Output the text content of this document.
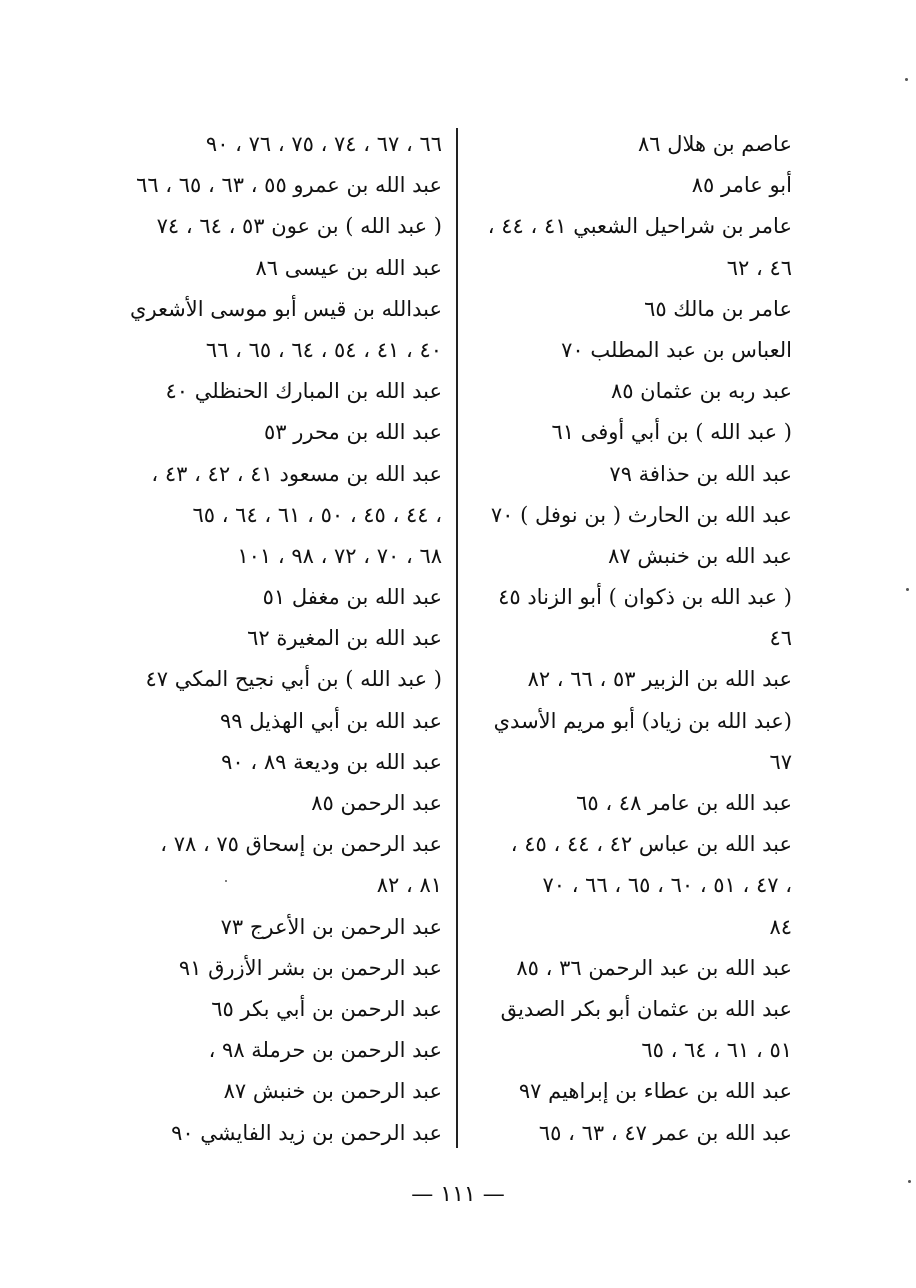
عاصم بن هلال ٨٦
أبو عامر ٨٥
عامر بن شراحيل الشعبي ٤١ ، ٤٤ ،
٤٦ ، ٦٢
عامر بن مالك ٦٥
العباس بن عبد المطلب ٧٠
عبد ربه بن عثمان ٨٥
( عبد الله ) بن أبي أوفى ٦١
عبد الله بن حذافة ٧٩
عبد الله بن الحارث ( بن نوفل ) ٧٠
عبد الله بن خنبش ٨٧
( عبد الله بن ذكوان ) أبو الزناد ٤٥
٤٦
عبد الله بن الزبير ٥٣ ، ٦٦ ، ٨٢
(عبد الله بن زياد) أبو مريم الأسدي
٦٧
عبد الله بن عامر ٤٨ ، ٦٥
عبد الله بن عباس ٤٢ ، ٤٤ ، ٤٥ ،
٤٧ ، ٥١ ، ٦٠ ، ٦٥ ، ٦٦ ، ٧٠ ،
٨٤
عبد الله بن عبد الرحمن ٣٦ ، ٨٥
عبد الله بن عثمان أبو بكر الصديق
٥١ ، ٦١ ، ٦٤ ، ٦٥
عبد الله بن عطاء بن إبراهيم ٩٧
عبد الله بن عمر ٤٧ ، ٦٣ ، ٦٥
٦٦ ، ٦٧ ، ٧٤ ، ٧٥ ، ٧٦ ، ٩٠
عبد الله بن عمرو ٥٥ ، ٦٣ ، ٦٥ ، ٦٦
( عبد الله ) بن عون ٥٣ ، ٦٤ ، ٧٤
عبد الله بن عيسى ٨٦
عبدالله بن قيس أبو موسى الأشعري
٤٠ ، ٤١ ، ٥٤ ، ٦٤ ، ٦٥ ، ٦٦
عبد الله بن المبارك الحنظلي ٤٠
عبد الله بن محرر ٥٣
عبد الله بن مسعود ٤١ ، ٤٢ ، ٤٣ ،
٤٤ ، ٤٥ ، ٥٠ ، ٦١ ، ٦٤ ، ٦٥ ،
٦٨ ، ٧٠ ، ٧٢ ، ٩٨ ، ١٠١
عبد الله بن مغفل ٥١
عبد الله بن المغيرة ٦٢
( عبد الله ) بن أبي نجيح المكي ٤٧
عبد الله بن أبي الهذيل ٩٩
عبد الله بن وديعة ٨٩ ، ٩٠
عبد الرحمن ٨٥
عبد الرحمن بن إسحاق ٧٥ ، ٧٨ ،
٨١ ، ٨٢
عبد الرحمن بن الأعرج ٧٣
عبد الرحمن بن بشر الأزرق ٩١
عبد الرحمن بن أبي بكر ٦٥
عبد الرحمن بن حرملة ٩٨ ،
عبد الرحمن بن خنبش ٨٧
عبد الرحمن بن زيد الفايشي ٩٠
— ١١١ —
